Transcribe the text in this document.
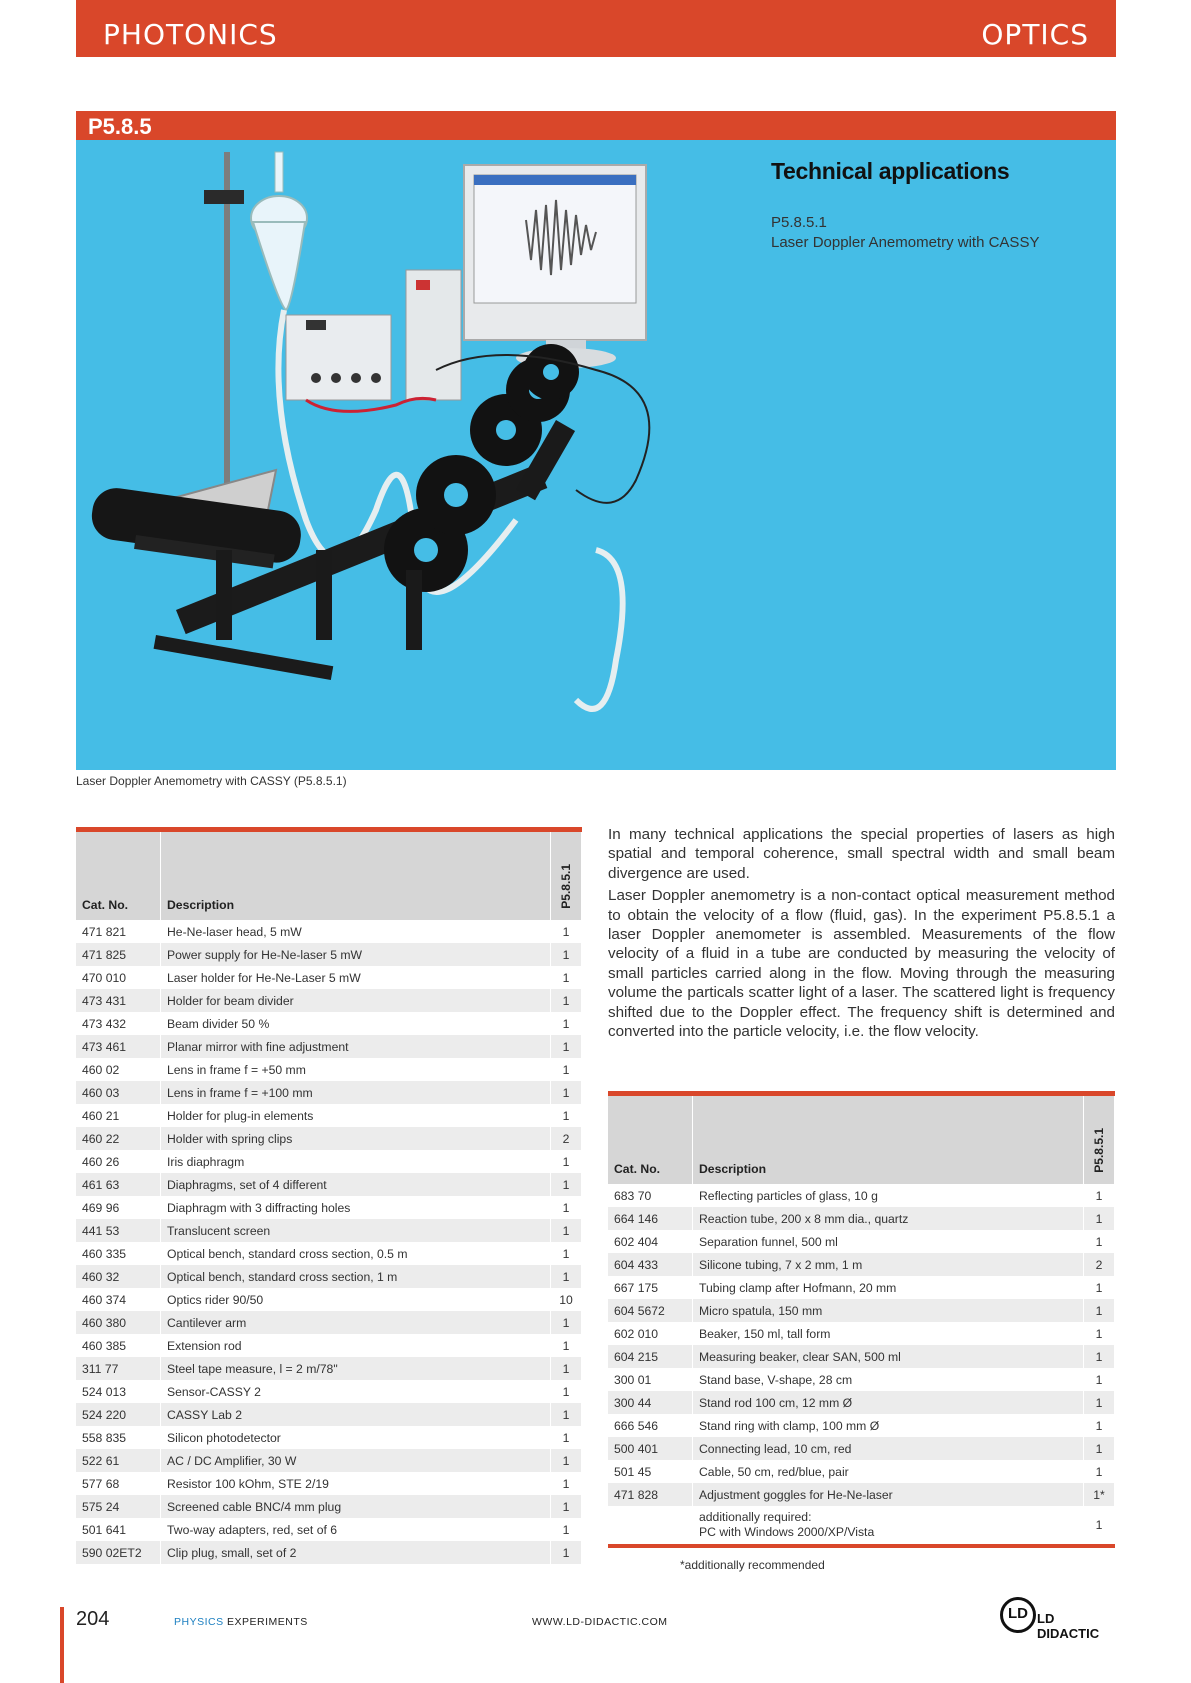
PHOTONICS	OPTICS
P5.8.5
Technical applications
P5.8.5.1
Laser Doppler Anemometry with CASSY
Laser Doppler Anemometry with CASSY (P5.8.5.1)

In many technical applications the special properties of lasers as high spatial and temporal coherence, small spectral width and small beam divergence are used.

Laser Doppler anemometry is a non-contact optical measurement method to obtain the velocity of a flow (fluid, gas). In the experiment P5.8.5.1 a laser Doppler anemometer is assembled. Measurements of the flow velocity of a fluid in a tube are conducted by measuring the velocity of small particles carried along in the flow. Moving through the measuring volume the particals scatter light of a laser. The scattered light is frequency shifted due to the Doppler effect. The frequency shift is determined and converted into the particle velocity, i.e. the flow velocity.

Cat. No.	Description	P5.8.5.1
471 821	He-Ne-laser head, 5 mW	1
471 825	Power supply for He-Ne-laser 5 mW	1
470 010	Laser holder for He-Ne-Laser 5 mW	1
473 431	Holder for beam divider	1
473 432	Beam divider 50 %	1
473 461	Planar mirror with fine adjustment	1
460 02	Lens in frame f = +50 mm	1
460 03	Lens in frame f = +100 mm	1
460 21	Holder for plug-in elements	1
460 22	Holder with spring clips	2
460 26	Iris diaphragm	1
461 63	Diaphragms, set of 4 different	1
469 96	Diaphragm with 3 diffracting holes	1
441 53	Translucent screen	1
460 335	Optical bench, standard cross section, 0.5 m	1
460 32	Optical bench, standard cross section, 1 m	1
460 374	Optics rider 90/50	10
460 380	Cantilever arm	1
460 385	Extension rod	1
311 77	Steel tape measure, l = 2 m/78"	1
524 013	Sensor-CASSY 2	1
524 220	CASSY Lab 2	1
558 835	Silicon photodetector	1
522 61	AC / DC Amplifier, 30 W	1
577 68	Resistor 100 kOhm, STE 2/19	1
575 24	Screened cable BNC/4 mm plug	1
501 641	Two-way adapters, red, set of 6	1
590 02ET2	Clip plug, small, set of 2	1
Cat. No.	Description	P5.8.5.1
683 70	Reflecting particles of glass, 10 g	1
664 146	Reaction tube, 200 x 8 mm dia., quartz	1
602 404	Separation funnel, 500 ml	1
604 433	Silicone tubing, 7 x 2 mm, 1 m	2
667 175	Tubing clamp after Hofmann, 20 mm	1
604 5672	Micro spatula, 150 mm	1
602 010	Beaker, 150 ml, tall form	1
604 215	Measuring beaker, clear SAN, 500 ml	1
300 01	Stand base, V-shape, 28 cm	1
300 44	Stand rod 100 cm, 12 mm Ø	1
666 546	Stand ring with clamp, 100 mm Ø	1
500 401	Connecting lead, 10 cm, red	1
501 45	Cable, 50 cm, red/blue, pair	1
471 828	Adjustment goggles for He-Ne-laser	1*

	additionally required:
PC with Windows 2000/XP/Vista	1
*additionally recommended
204	PHYSICS EXPERIMENTS	WWW.LD-DIDACTIC.COM	LD LD DIDACTIC
